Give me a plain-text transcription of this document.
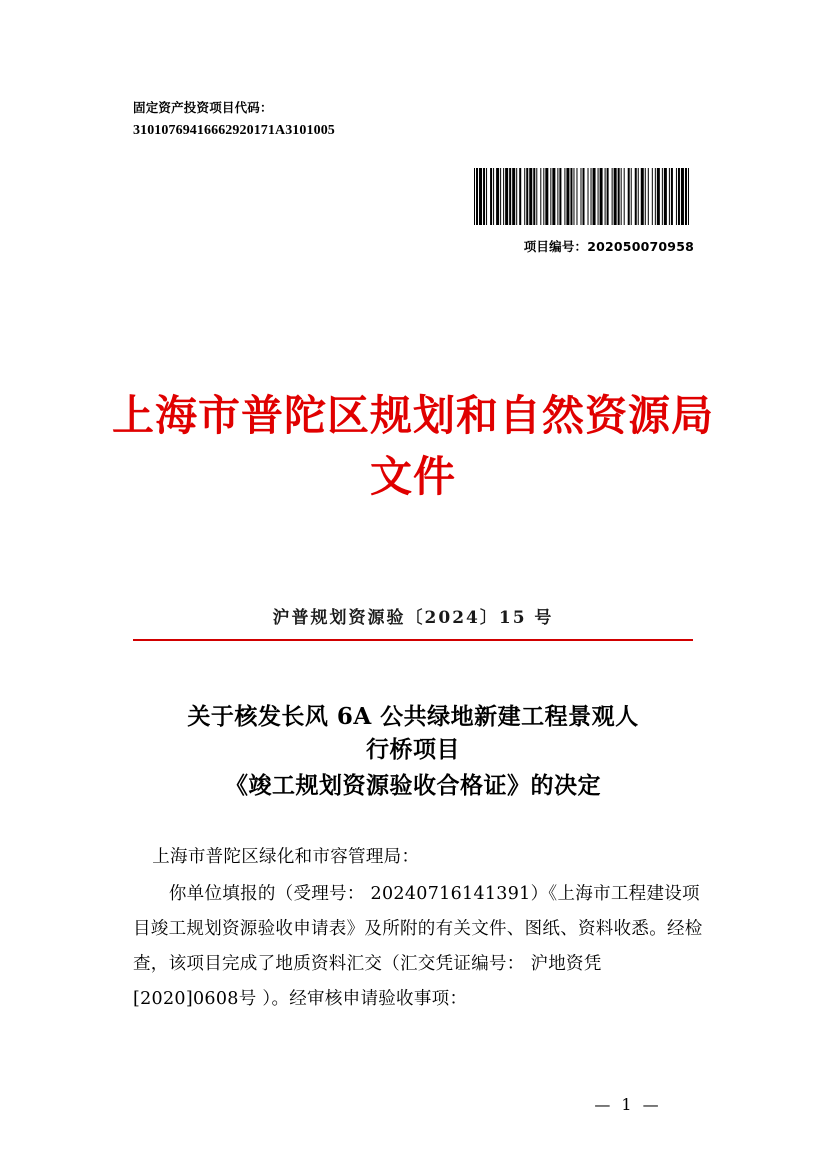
固定资产投资项目代码：
31010769416662920171A3101005
项目编号：202050070958
上海市普陀区规划和自然资源局
文件
沪普规划资源验〔2024〕15 号
关于核发长风 6A 公共绿地新建工程景观人
行桥项目
《竣工规划资源验收合格证》的决定
上海市普陀区绿化和市容管理局：
你单位填报的（受理号： 20240716141391）《上海市工程建设项目竣工规划资源验收申请表》及所附的有关文件、图纸、资料收悉。经检查，该项目完成了地质资料汇交（汇交凭证编号： 沪地资凭[2020]0608号 ）。经审核申请验收事项：
— 1 —
